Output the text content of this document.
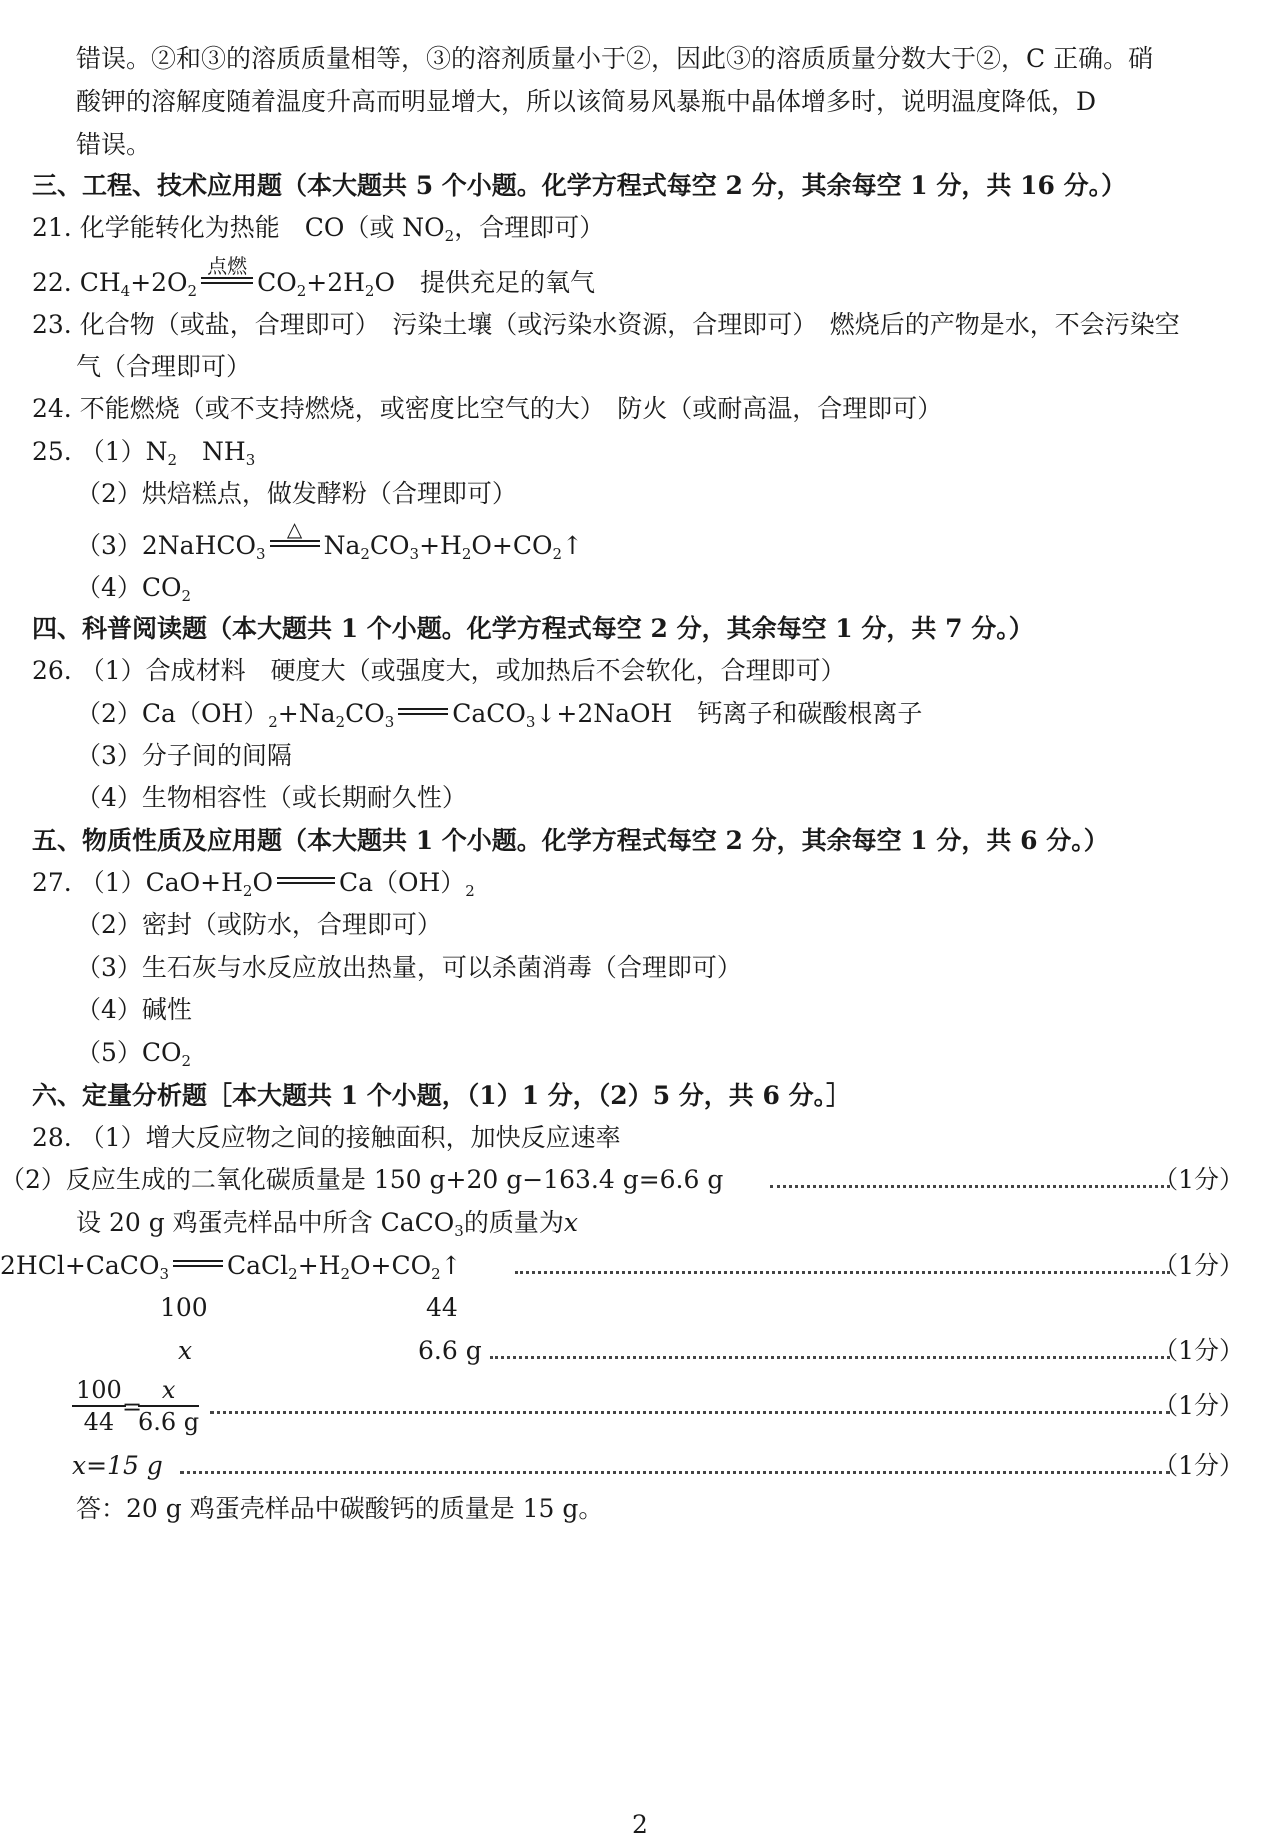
错误。②和③的溶质质量相等，③的溶剂质量小于②，因此③的溶质质量分数大于②，C 正确。硝
酸钾的溶解度随着温度升高而明显增大，所以该简易风暴瓶中晶体增多时，说明温度降低，D
错误。
三、工程、技术应用题（本大题共 5 个小题。化学方程式每空 2 分，其余每空 1 分，共 16 分。）
21. 化学能转化为热能　CO（或 $NO_2$，合理即可）
22. $CH_4+2O_2$
点燃
$CO_2+2H_2O$　提供充足的氧气
23. 化合物（或盐，合理即可）　污染土壤（或污染水资源，合理即可）　燃烧后的产物是水，不会污染空
气（合理即可）
24. 不能燃烧（或不支持燃烧，或密度比空气的大）　防火（或耐高温，合理即可）
25. $(1)N_2$　$NH_3$
（2）烘焙糕点，做发酵粉（合理即可）
（3）2NaHCO$_3$
△
$Na_2CO_3+H_2O+CO_2↑$
$(4)CO_2$
四、科普阅读题（本大题共 1 个小题。化学方程式每空 2 分，其余每空 1 分，共 7 分。）
26. （1）合成材料　硬度大（或强度大，或加热后不会软化，合理即可）
$(2)Ca(OH)_2+Na_2CO_3$ CaCO$_3$↓+2NaOH　钙离子和碳酸根离子
（3）分子间的间隔
（4）生物相容性（或长期耐久性）
五、物质性质及应用题（本大题共 1 个小题。化学方程式每空 2 分，其余每空 1 分，共 6 分。）
27. $(1)CaO+H_2O$	$Ca(OH)_2$
（2）密封（或防水，合理即可）
（3）生石灰与水反应放出热量，可以杀菌消毒（合理即可）
（4）碱性
$(5)CO_2$
六、定量分析题［本大题共 1 个小题，（1）1 分，（2）5 分，共 6 分。］
28. （1）增大反应物之间的接触面积，加快反应速率
（2）反应生成的二氧化碳质量是 150 g+20 g−163.4 g=6.6 g	（1分）
设 20 g 鸡蛋壳样品中所含 CaCO$_3$的质量为x
2HCl+CaCO$_3$ $CaCl_2+H_2O+CO_2↑$	（1分）
100	44
x	6.6 g	（1分）
$\frac{100}{44}$
=
$\frac{x}{6.6 g}$	（1分）
x=15 g	（1分）
答：20 g 鸡蛋壳样品中碳酸钙的质量是 15 g。
2
